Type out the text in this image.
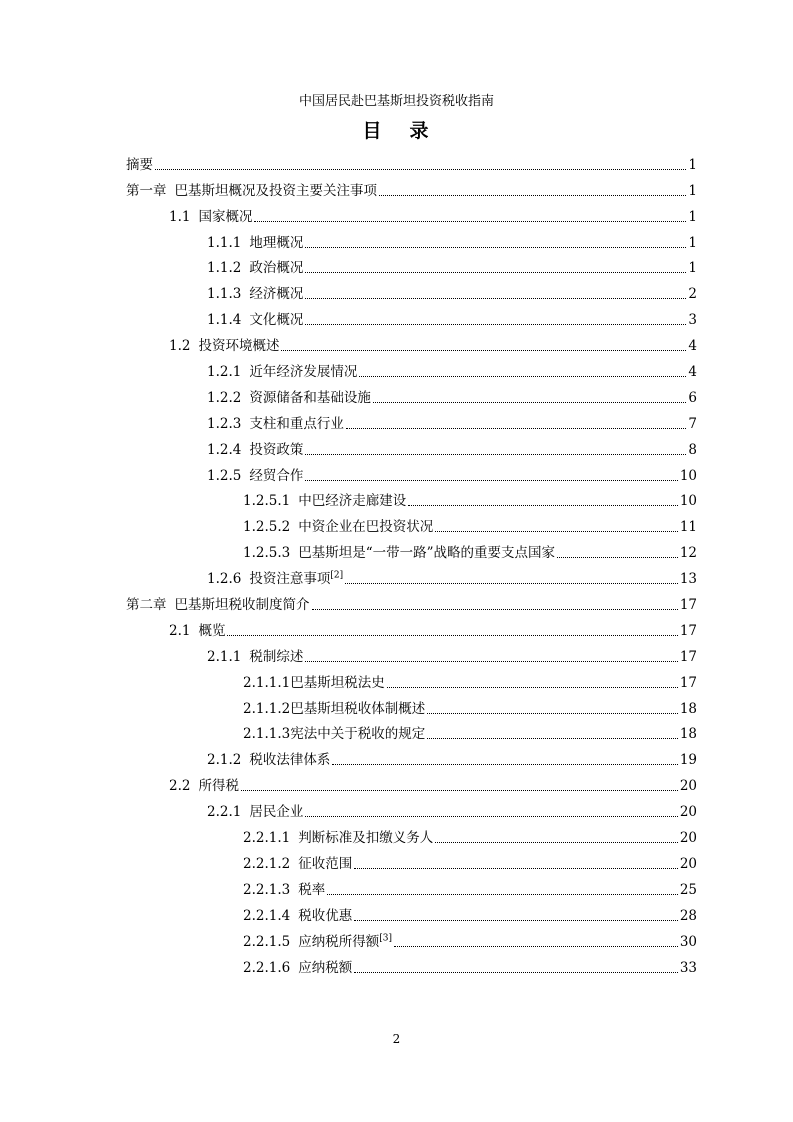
中国居民赴巴基斯坦投资税收指南
目 录
摘要	1
第一章 巴基斯坦概况及投资主要关注事项	1
1.1 国家概况	1
1.1.1 地理概况	1
1.1.2 政治概况	1
1.1.3 经济概况	2
1.1.4 文化概况	3
1.2 投资环境概述	4
1.2.1 近年经济发展情况	4
1.2.2 资源储备和基础设施	6
1.2.3 支柱和重点行业	7
1.2.4 投资政策	8
1.2.5 经贸合作	10
1.2.5.1 中巴经济走廊建设	10
1.2.5.2 中资企业在巴投资状况	11
1.2.5.3 巴基斯坦是“一带一路”战略的重要支点国家	12
1.2.6 投资注意事项[2]	13
第二章 巴基斯坦税收制度简介	17
2.1 概览	17
2.1.1 税制综述	17
2.1.1.1 巴基斯坦税法史	17
2.1.1.2 巴基斯坦税收体制概述	18
2.1.1.3 宪法中关于税收的规定	18
2.1.2 税收法律体系	19
2.2 所得税	20
2.2.1 居民企业	20
2.2.1.1 判断标准及扣缴义务人	20
2.2.1.2 征收范围	20
2.2.1.3 税率	25
2.2.1.4 税收优惠	28
2.2.1.5 应纳税所得额[3]	30
2.2.1.6 应纳税额	33
2
